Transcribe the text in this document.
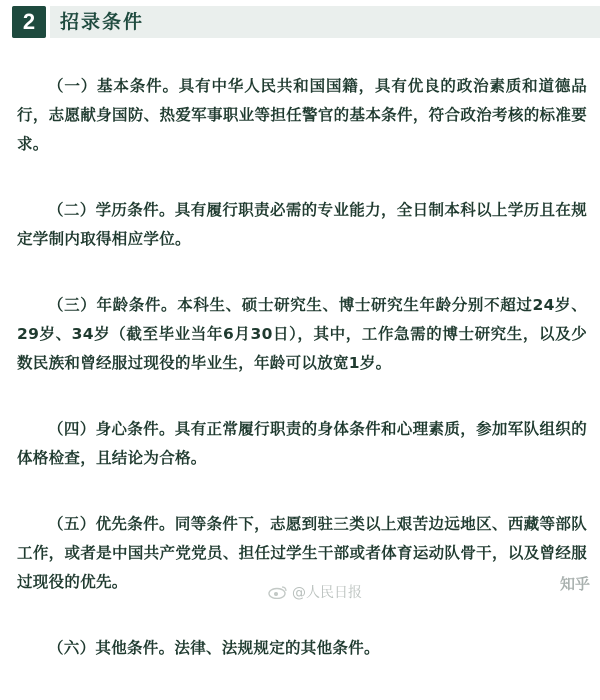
2	招录条件

（一）基本条件。具有中华人民共和国国籍，具有优良的政治素质和道德品行，志愿献身国防、热爱军事职业等担任警官的基本条件，符合政治考核的标准要求。

（二）学历条件。具有履行职责必需的专业能力，全日制本科以上学历且在规定学制内取得相应学位。

（三）年龄条件。本科生、硕士研究生、博士研究生年龄分别不超过24岁、29岁、34岁（截至毕业当年6月30日），其中，工作急需的博士研究生，以及少数民族和曾经服过现役的毕业生，年龄可以放宽1岁。

（四）身心条件。具有正常履行职责的身体条件和心理素质，参加军队组织的体格检查，且结论为合格。

（五）优先条件。同等条件下，志愿到驻三类以上艰苦边远地区、西藏等部队工作，或者是中国共产党党员、担任过学生干部或者体育运动队骨干，以及曾经服过现役的优先。

（六）其他条件。法律、法规规定的其他条件。

@人民日报	知乎
